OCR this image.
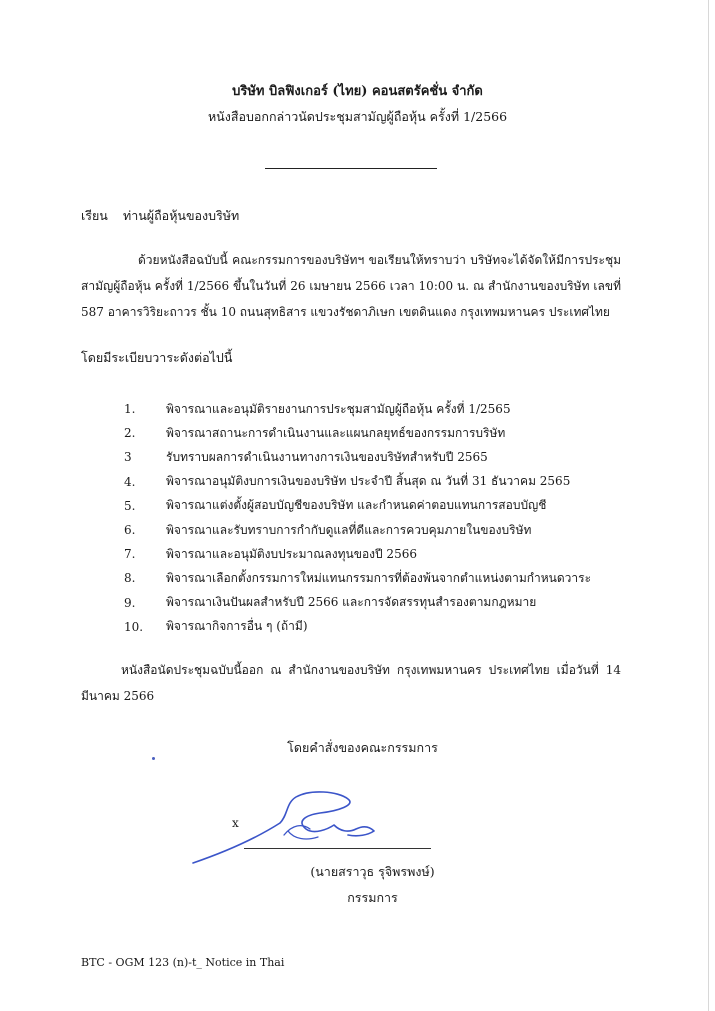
บริษัท บิลฟิงเกอร์ (ไทย) คอนสตรัคชั่น จำกัด
หนังสือบอกกล่าวนัดประชุมสามัญผู้ถือหุ้น ครั้งที่ 1/2566
เรียน ท่านผู้ถือหุ้นของบริษัท
ด้วยหนังสือฉบับนี้ คณะกรรมการของบริษัทฯ ขอเรียนให้ทราบว่า บริษัทจะได้จัดให้มีการประชุมสามัญผู้ถือหุ้น ครั้งที่ 1/2566 ขึ้นในวันที่ 26 เมษายน 2566 เวลา 10:00 น. ณ สำนักงานของบริษัท เลขที่ 587 อาคารวิริยะถาวร ชั้น 10 ถนนสุทธิสาร แขวงรัชดาภิเษก เขตดินแดง กรุงเทพมหานคร ประเทศไทย
โดยมีระเบียบวาระดังต่อไปนี้
1.	พิจารณาและอนุมัติรายงานการประชุมสามัญผู้ถือหุ้น ครั้งที่ 1/2565
2.	พิจารณาสถานะการดำเนินงานและแผนกลยุทธ์ของกรรมการบริษัท
3	รับทราบผลการดำเนินงานทางการเงินของบริษัทสำหรับปี 2565
4.	พิจารณาอนุมัติงบการเงินของบริษัท ประจำปี สิ้นสุด ณ วันที่ 31 ธันวาคม 2565
5.	พิจารณาแต่งตั้งผู้สอบบัญชีของบริษัท และกำหนดค่าตอบแทนการสอบบัญชี
6.	พิจารณาและรับทราบการกำกับดูแลที่ดีและการควบคุมภายในของบริษัท
7.	พิจารณาและอนุมัติงบประมาณลงทุนของปี 2566
8.	พิจารณาเลือกตั้งกรรมการใหม่แทนกรรมการที่ต้องพ้นจากตำแหน่งตามกำหนดวาระ
9.	พิจารณาเงินปันผลสำหรับปี 2566 และการจัดสรรทุนสำรองตามกฎหมาย
10.	พิจารณากิจการอื่น ๆ (ถ้ามี)
หนังสือนัดประชุมฉบับนี้ออก ณ สำนักงานของบริษัท กรุงเทพมหานคร ประเทศไทย เมื่อวันที่ 14 มีนาคม 2566
โดยคำสั่งของคณะกรรมการ
x
(นายสราวุธ รุจิพรพงษ์)
กรรมการ
BTC - OGM 123 (n)-t_ Notice in Thai
